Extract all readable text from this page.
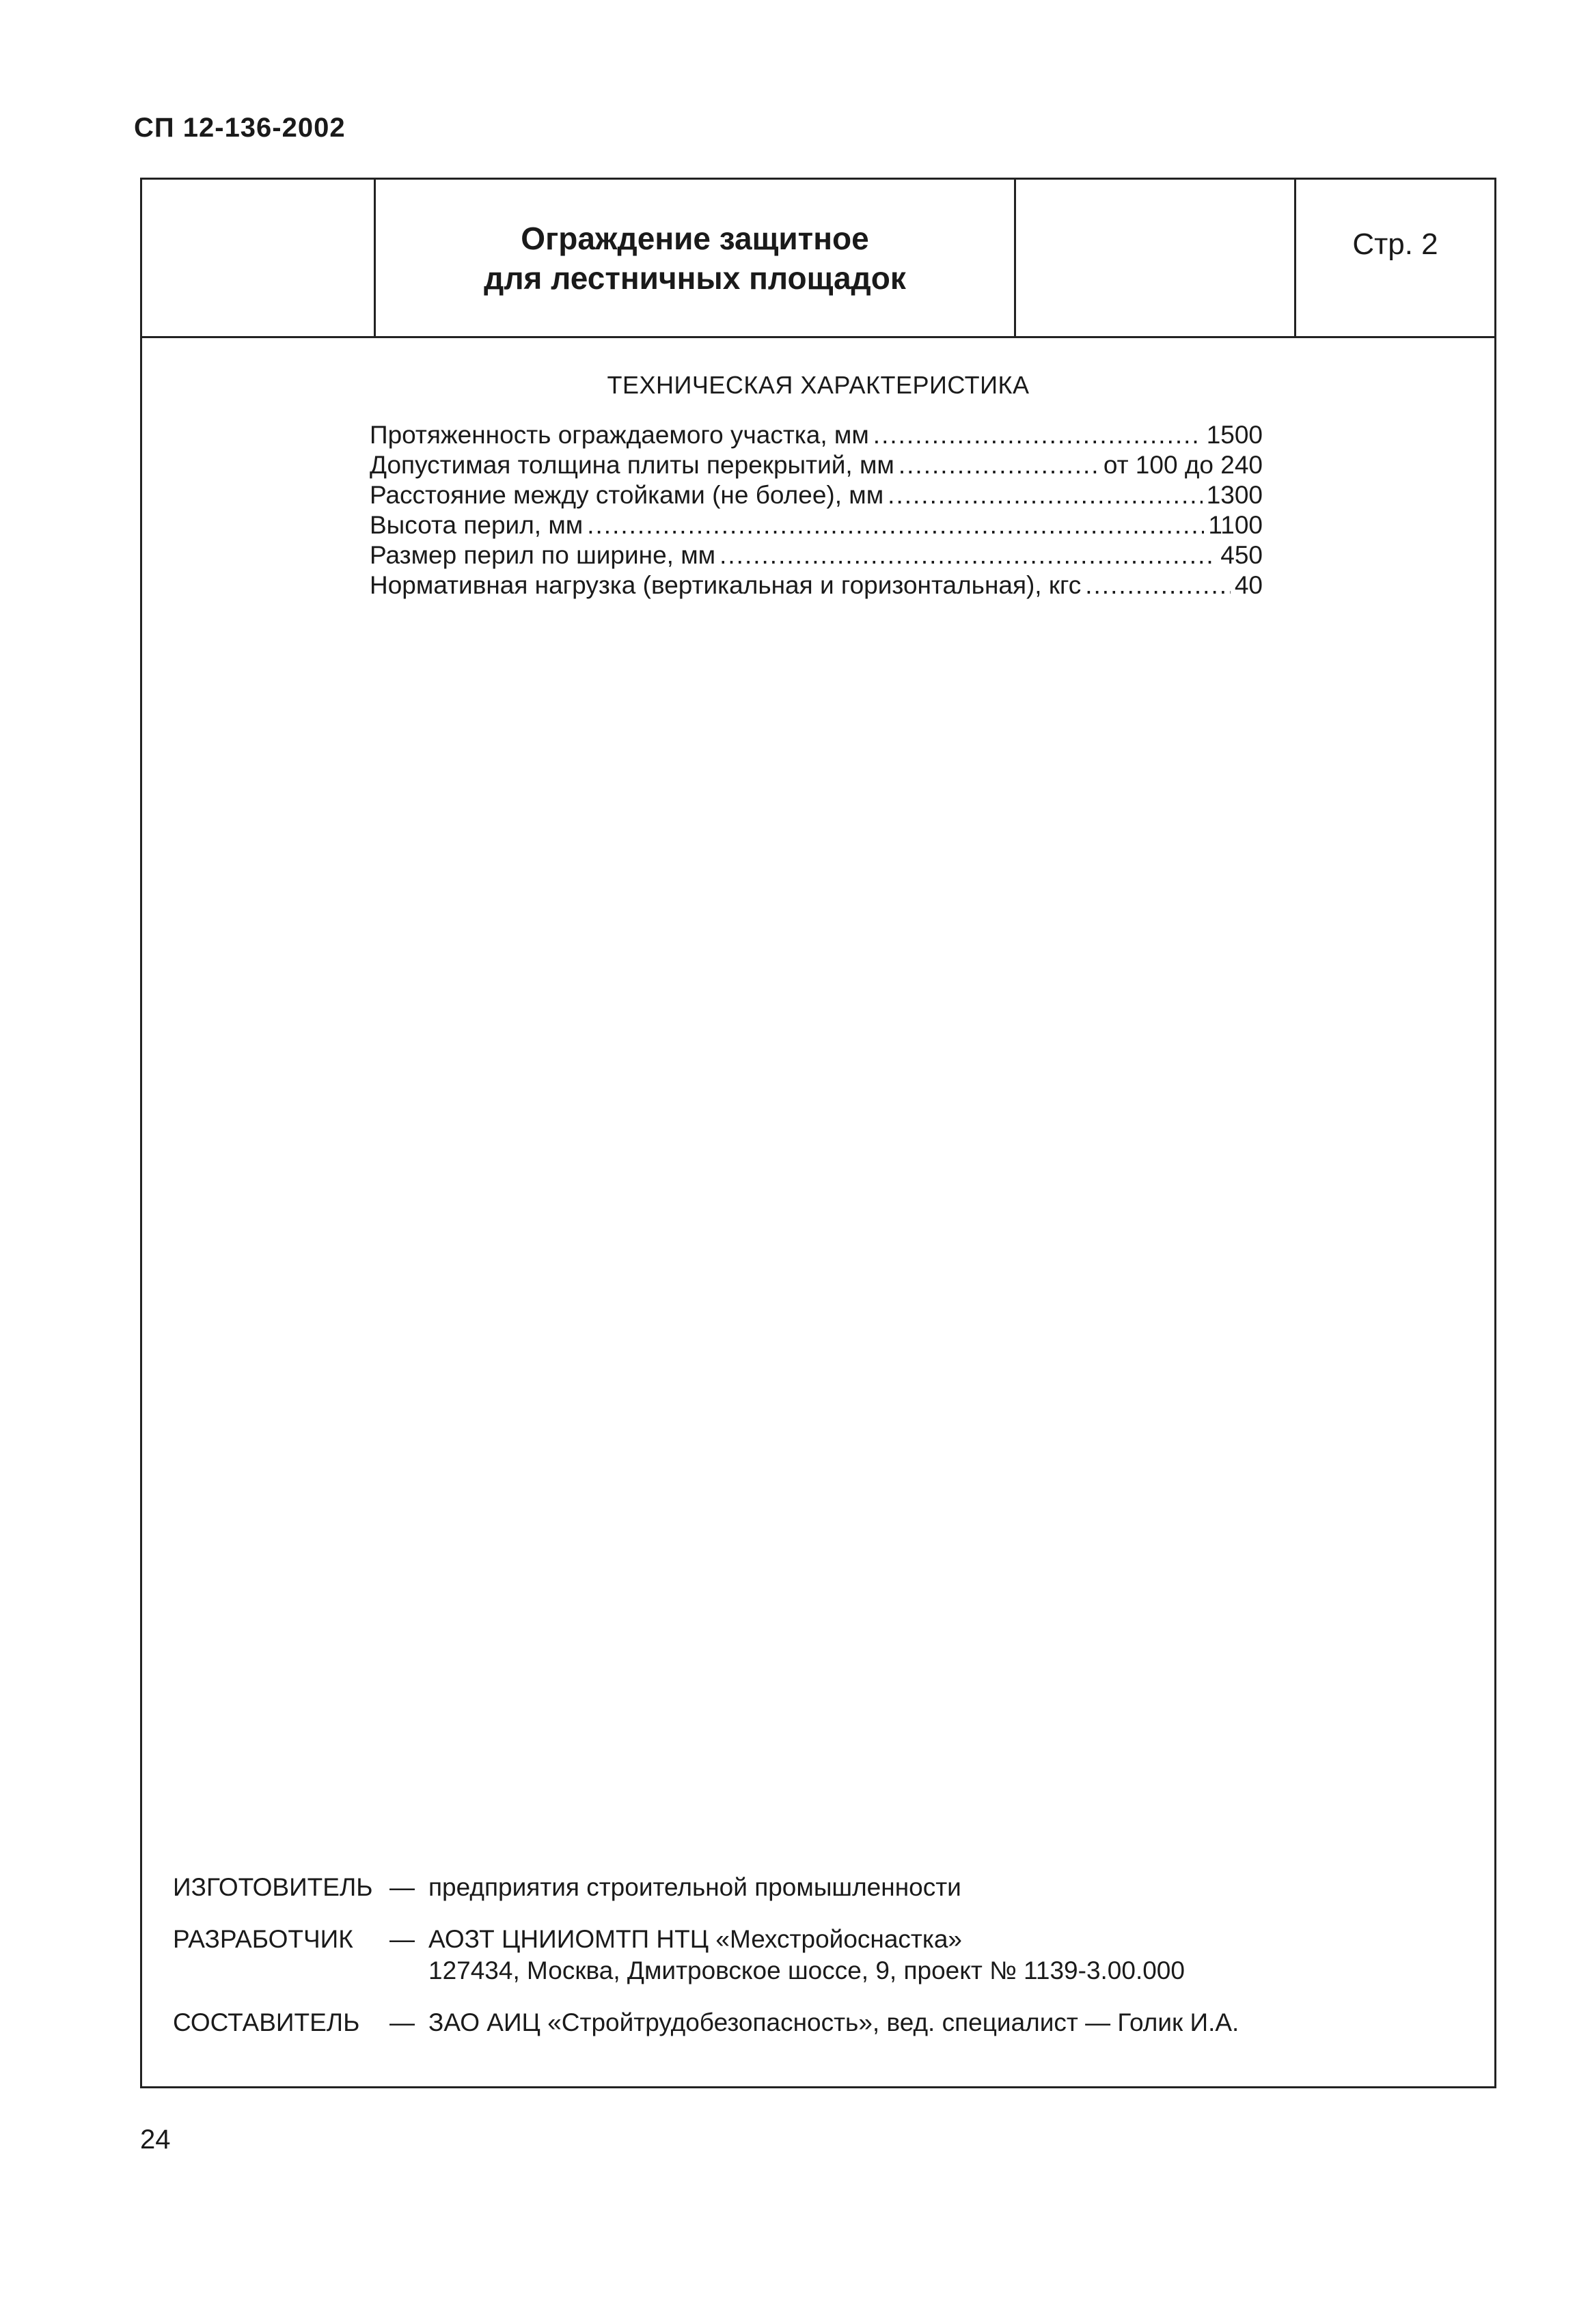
СП 12-136-2002
Ограждение защитное
для лестничных площадок
Стр. 2
ТЕХНИЧЕСКАЯ ХАРАКТЕРИСТИКА
Протяженность ограждаемого участка, мм .....	1500
Допустимая толщина плиты перекрытий, мм .....	от 100 до 240
Расстояние между стойками (не более), мм .....	1300
Высота перил, мм .....	1100
Размер перил по ширине, мм .....	450
Нормативная нагрузка (вертикальная и горизонтальная), кгс .....	40
ИЗГОТОВИТЕЛЬ — предприятия строительной промышленности
РАЗРАБОТЧИК	— АОЗТ ЦНИИОМТП НТЦ «Мехстройоснастка»
127434, Москва, Дмитровское шоссе, 9, проект № 1139-3.00.000
СОСТАВИТЕЛЬ	— ЗАО АИЦ «Стройтрудобезопасность», вед. специалист — Голик И.А.
24
